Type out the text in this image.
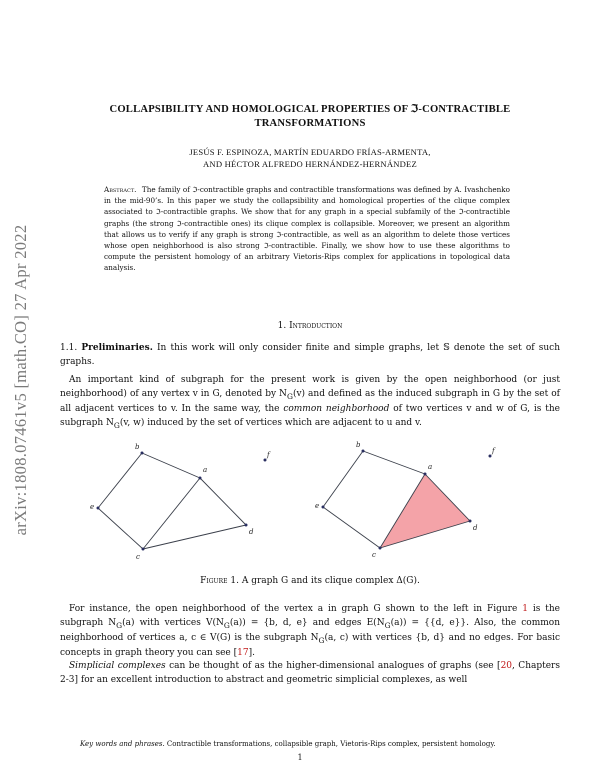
arXiv:1808.07461v5 [math.CO] 27 Apr 2022
COLLAPSIBILITY AND HOMOLOGICAL PROPERTIES OF ℑ-CONTRACTIBLE
TRANSFORMATIONS
JESÚS F. ESPINOZA, MARTÍN EDUARDO FRÍAS-ARMENTA,
AND HÉCTOR ALFREDO HERNÁNDEZ-HERNÁNDEZ
Abstract. The family of ℑ-contractible graphs and contractible transformations was defined by A. Ivashchenko in the mid-90’s. In this paper we study the collapsibility and homological properties of the clique complex associated to ℑ-contractible graphs. We show that for any graph in a special subfamily of the ℑ-contractible graphs (the strong ℑ-contractible ones) its clique complex is collapsible. Moreover, we present an algorithm that allows us to verify if any graph is strong ℑ-contractible, as well as an algorithm to delete those vertices whose open neighborhood is also strong ℑ-contractible. Finally, we show how to use these algorithms to compute the persistent homology of an arbitrary Vietoris-Rips complex for applications in topological data analysis.
1. Introduction
1.1. Preliminaries. In this work will only consider finite and simple graphs, let 𝕊 denote the set of such graphs.
 An important kind of subgraph for the present work is given by the open neighborhood (or just neighborhood) of any vertex v in G, denoted by $N_G(v)$ and defined as the induced subgraph in G by the set of all adjacent vertices to v. In the same way, the common neighborhood of two vertices v and w of G, is the subgraph $N_G(v$, w) induced by the set of vertices which are adjacent to u and v.
b
a
e
c
d
f
b
a
e
c
d
f
Figure 1. A graph G and its clique complex Δ(G).
 For instance, the open neighborhood of the vertex a in graph G shown to the left in Figure 1 is the subgraph $N_G(a)$ with vertices $V(N_G(a)) = \{b$, d, e} and edges $E(N_G(a)) = \{\{d$, e}}. Also, the common neighborhood of vertices a, c ∈ V(G) is the subgraph $N_G(a$, c) with vertices {b, d} and no edges. For basic concepts in graph theory you can see [17].
 Simplicial complexes can be thought of as the higher-dimensional analogues of graphs (see [20, Chapters 2-3] for an excellent introduction to abstract and geometric simplicial complexes, as well
Key words and phrases. Contractible transformations, collapsible graph, Vietoris-Rips complex, persistent homology.
1
